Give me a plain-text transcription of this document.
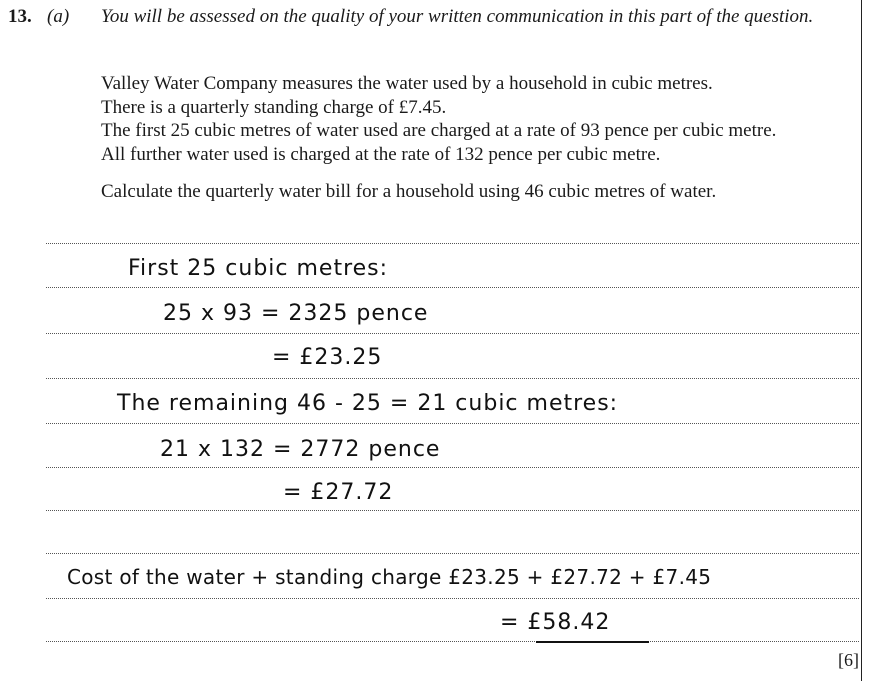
13. (a) You will be assessed on the quality of your written communication in this part of the question.
Valley Water Company measures the water used by a household in cubic metres.
There is a quarterly standing charge of £7.45.
The first 25 cubic metres of water used are charged at a rate of 93 pence per cubic metre.
All further water used is charged at the rate of 132 pence per cubic metre.
Calculate the quarterly water bill for a household using 46 cubic metres of water.
First 25 cubic metres:
25 x 93 = 2325 pence
= £23.25
The remaining 46 - 25 = 21 cubic metres:
21 x 132 = 2772 pence
= £27.72
Cost of the water + standing charge £23.25 + £27.72 + £7.45
= £58.42
[6]
